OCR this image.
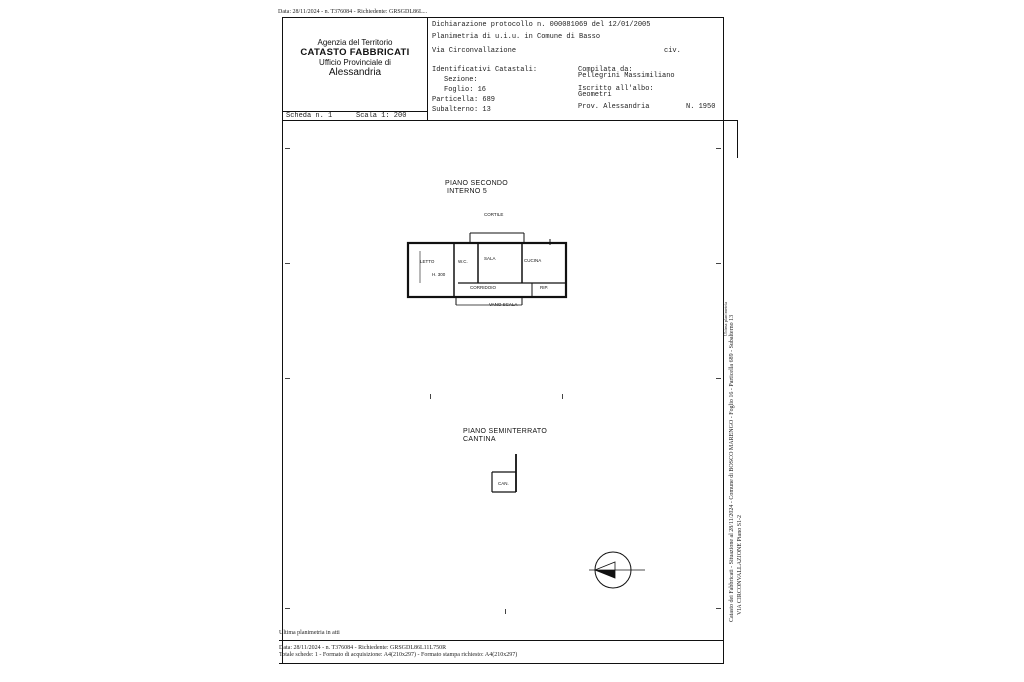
Data: 28/11/2024 - n. T376084 - Richiedente: GRSGDL86L...
Agenzia del Territorio
CATASTO FABBRICATI
Ufficio Provinciale di
Alessandria
Dichiarazione protocollo n. 000081069 del 12/01/2005
Planimetria di u.i.u. in Comune di Basso
Via Circonvallazione	civ.
Identificativi Catastali:
Sezione:
Foglio: 16
Particella: 689
Subalterno: 13
Compilata da:
Pellegrini Massimiliano
Iscritto all'albo:
Geometri
Prov. Alessandria	N. 1950
Scheda n. 1	Scala 1: 200
PIANO SECONDO
INTERNO 5
CORTILE
LETTO
H. 300
W.C.
SALA	CUCINA
CORRIDOIO	RIP.
VANO SCALA
PIANO SEMINTERRATO
CANTINA
CAN.	Catasto dei Fabbricati - Situazione al 28/11/2024 - Comune di BOSCO MARENGO - Foglio 16 - Particella 689 - Subalterno 13 VIA CIRCONVALLAZIONE Piano S1-2
Ultima planimetria
Ultima planimetria in atti
Data: 28/11/2024 - n. T376084 - Richiedente: GRSGDL86L11L750R
Totale schede: 1 - Formato di acquisizione: A4(210x297) - Formato stampa richiesto: A4(210x297)
